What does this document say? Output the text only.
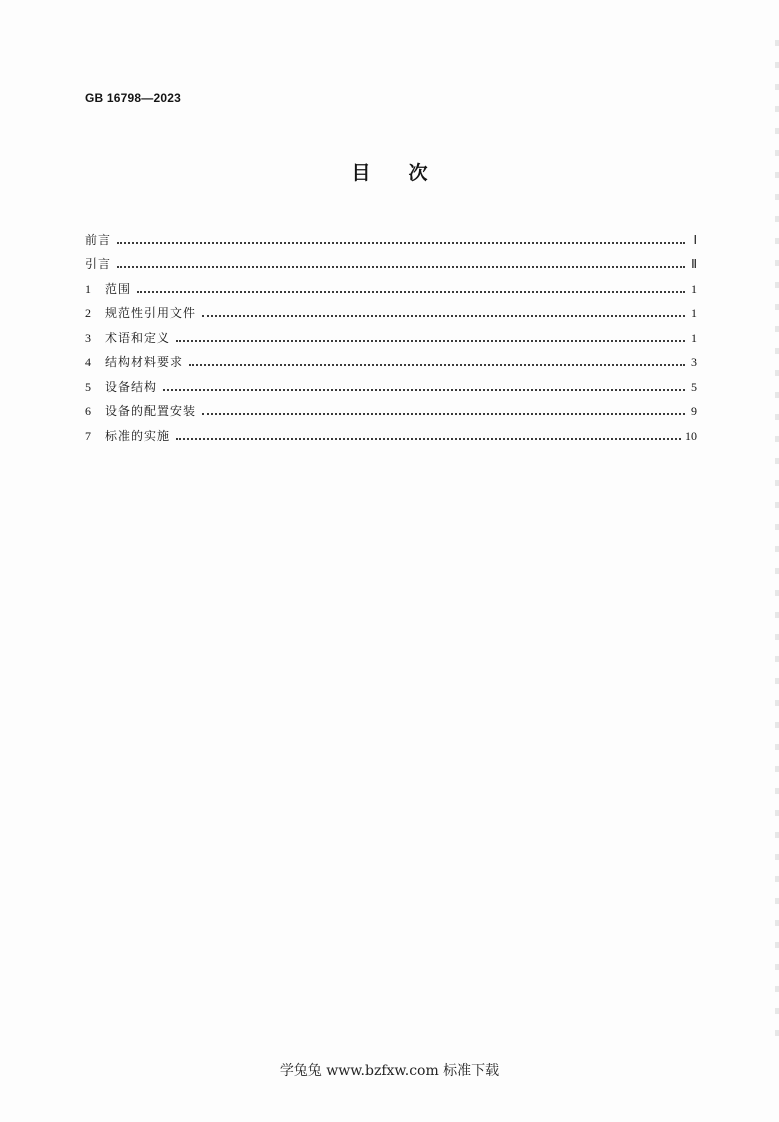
GB 16798—2023
目　　次
前言	Ⅰ
引言	Ⅱ
1	范围	1
2	规范性引用文件	1
3	术语和定义	1
4	结构材料要求	3
5	设备结构	5
6	设备的配置安装	9
7	标准的实施	10
学兔兔 www.bzfxw.com 标准下载
